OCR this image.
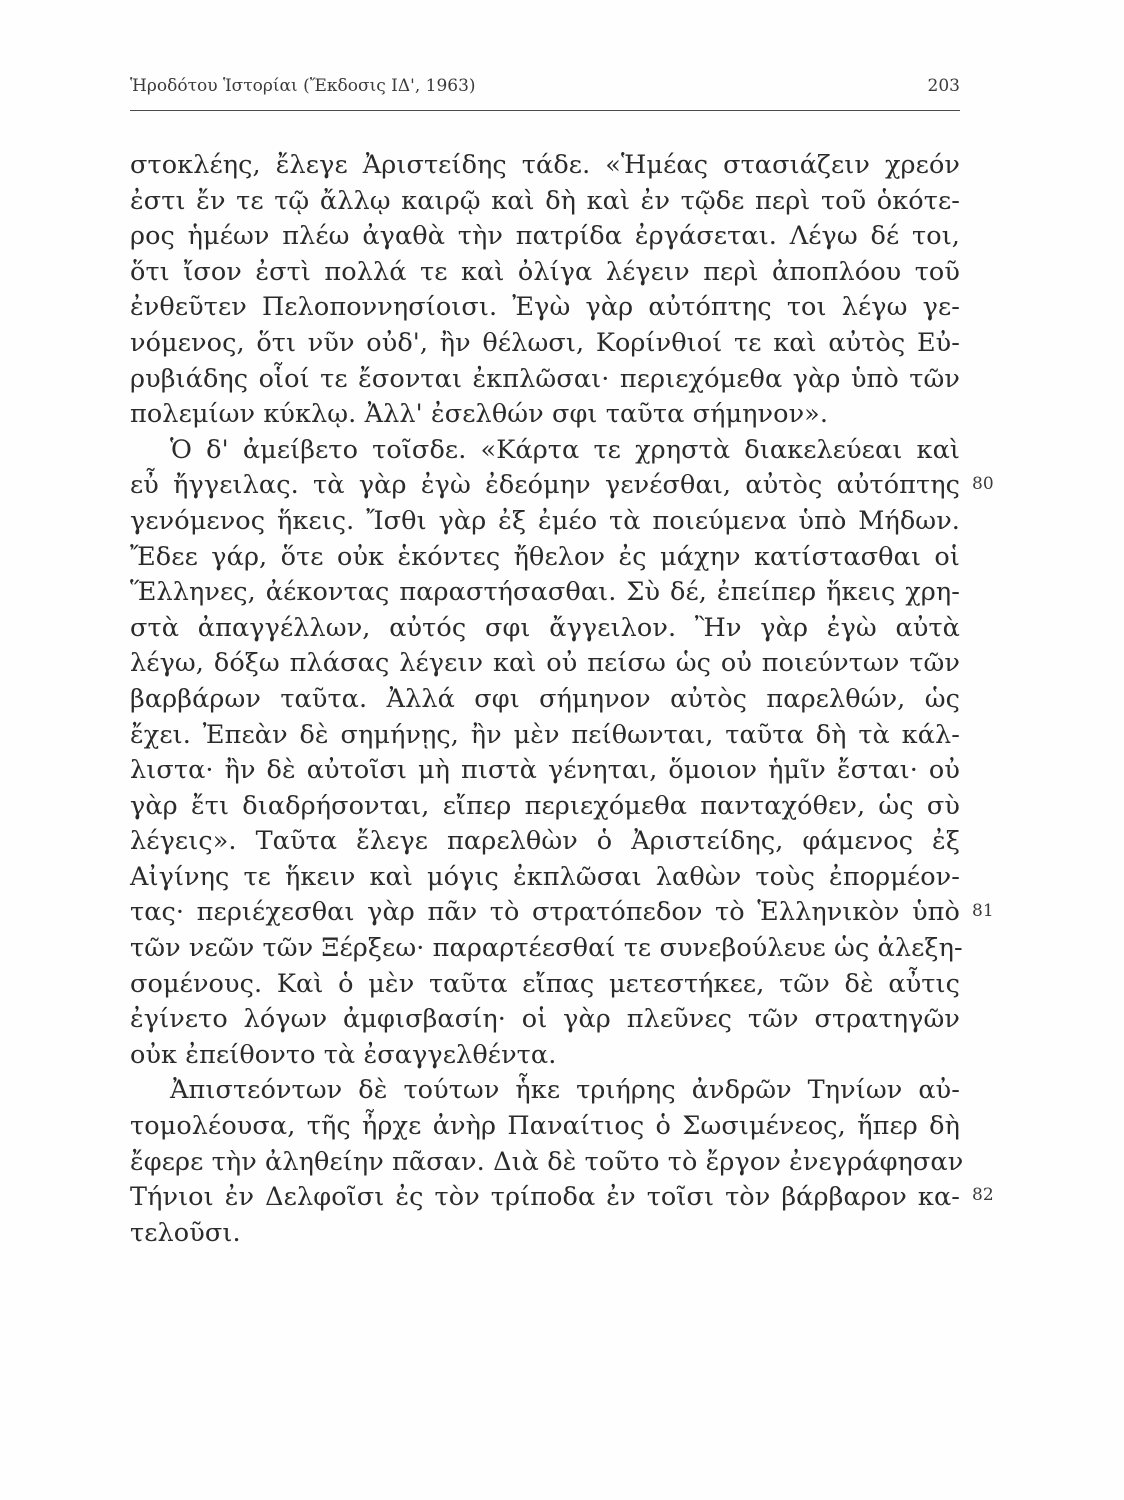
Ἡροδότου Ἱστορίαι (Ἔκδοσις ΙΔ', 1963)	203
στοκλέης, ἔλεγε Ἀριστείδης τάδε. «Ἡμέας στασιάζειν χρεόν
ἐστι ἔν τε τῷ ἄλλῳ καιρῷ καὶ δὴ καὶ ἐν τῷδε περὶ τοῦ ὁκότε-
ρος ἡμέων πλέω ἀγαθὰ τὴν πατρίδα ἐργάσεται. Λέγω δέ τοι,
ὅτι ἴσον ἐστὶ πολλά τε καὶ ὀλίγα λέγειν περὶ ἀποπλόου τοῦ
ἐνθεῦτεν Πελοποννησίοισι. Ἐγὼ γὰρ αὐτόπτης τοι λέγω γε-
νόμενος, ὅτι νῦν οὐδ', ἢν θέλωσι, Κορίνθιοί τε καὶ αὐτὸς Εὐ-
ρυβιάδης οἷοί τε ἔσονται ἐκπλῶσαι· περιεχόμεθα γὰρ ὑπὸ τῶν
πολεμίων κύκλῳ. Ἀλλ' ἐσελθών σφι ταῦτα σήμηνον».
Ὁ δ' ἀμείβετο τοῖσδε. «Κάρτα τε χρηστὰ διακελεύεαι καὶ
εὖ ἤγγειλας. τὰ γὰρ ἐγὼ ἐδεόμην γενέσθαι, αὐτὸς αὐτόπτης
γενόμενος ἥκεις. Ἴσθι γὰρ ἐξ ἐμέο τὰ ποιεύμενα ὑπὸ Μήδων.
Ἔδεε γάρ, ὅτε οὐκ ἑκόντες ἤθελον ἐς μάχην κατίστασθαι οἱ
Ἕλληνες, ἀέκοντας παραστήσασθαι. Σὺ δέ, ἐπείπερ ἥκεις χρη-
στὰ ἀπαγγέλλων, αὐτός σφι ἄγγειλον. Ἢν γὰρ ἐγὼ αὐτὰ
λέγω, δόξω πλάσας λέγειν καὶ οὐ πείσω ὡς οὐ ποιεύντων τῶν
βαρβάρων ταῦτα. Ἀλλά σφι σήμηνον αὐτὸς παρελθών, ὡς
ἔχει. Ἐπεὰν δὲ σημήνῃς, ἢν μὲν πείθωνται, ταῦτα δὴ τὰ κάλ-
λιστα· ἢν δὲ αὐτοῖσι μὴ πιστὰ γένηται, ὅμοιον ἡμῖν ἔσται· οὐ
γὰρ ἔτι διαδρήσονται, εἴπερ περιεχόμεθα πανταχόθεν, ὡς σὺ
λέγεις». Ταῦτα ἔλεγε παρελθὼν ὁ Ἀριστείδης, φάμενος ἐξ
Αἰγίνης τε ἥκειν καὶ μόγις ἐκπλῶσαι λαθὼν τοὺς ἐπορμέον-
τας· περιέχεσθαι γὰρ πᾶν τὸ στρατόπεδον τὸ Ἑλληνικὸν ὑπὸ
τῶν νεῶν τῶν Ξέρξεω· παραρτέεσθαί τε συνεβούλευε ὡς ἀλεξη-
σομένους. Καὶ ὁ μὲν ταῦτα εἴπας μετεστήκεε, τῶν δὲ αὖτις
ἐγίνετο λόγων ἀμφισβασίη· οἱ γὰρ πλεῦνες τῶν στρατηγῶν
οὐκ ἐπείθοντο τὰ ἐσαγγελθέντα.
Ἀπιστεόντων δὲ τούτων ἧκε τριήρης ἀνδρῶν Τηνίων αὐ-
τομολέουσα, τῆς ἦρχε ἀνὴρ Παναίτιος ὁ Σωσιμένεος, ἥπερ δὴ
ἔφερε τὴν ἀληθείην πᾶσαν. Διὰ δὲ τοῦτο τὸ ἔργον ἐνεγράφησαν
Τήνιοι ἐν Δελφοῖσι ἐς τὸν τρίποδα ἐν τοῖσι τὸν βάρβαρον κα-
τελοῦσι.
80
81
82
